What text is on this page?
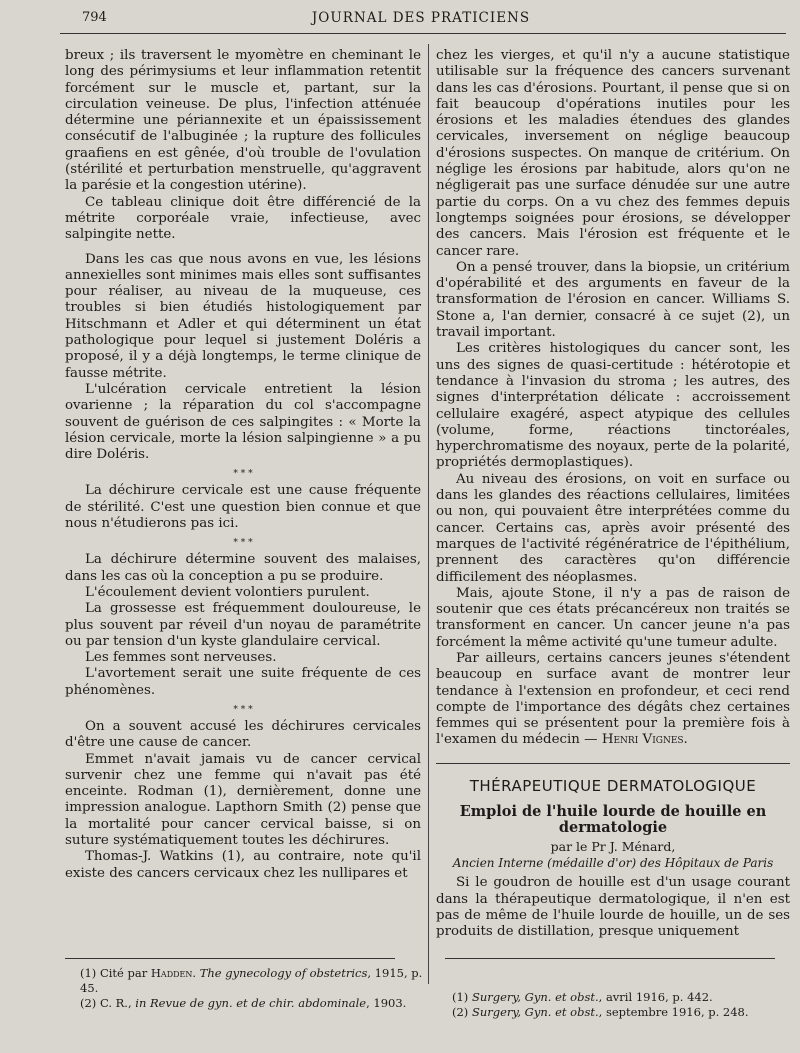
794	JOURNAL DES PRATICIENS

breux ; ils traversent le myomètre en cheminant le long des périmysiums et leur inflammation retentit forcément sur le muscle et, partant, sur la circulation veineuse. De plus, l'infection atténuée détermine une périannexite et un épaississement consécutif de l'albuginée ; la rupture des follicules graafiens en est gênée, d'où trouble de l'ovulation (stérilité et perturbation menstruelle, qu'aggravent la parésie et la congestion utérine).

Ce tableau clinique doit être différencié de la métrite corporéale vraie, infectieuse, avec salpingite nette.

Dans les cas que nous avons en vue, les lésions annexielles sont minimes mais elles sont suffisantes pour réaliser, au niveau de la muqueuse, ces troubles si bien étudiés histologiquement par Hitschmann et Adler et qui déterminent un état pathologique pour lequel si justement Doléris a proposé, il y a déjà longtemps, le terme clinique de fausse métrite.

L'ulcération cervicale entretient la lésion ovarienne ; la réparation du col s'accompagne souvent de guérison de ces salpingites : « Morte la lésion cervicale, morte la lésion salpingienne » a pu dire Doléris.

* * *

La déchirure cervicale est une cause fréquente de stérilité. C'est une question bien connue et que nous n'étudierons pas ici.

* * *

La déchirure détermine souvent des malaises, dans les cas où la conception a pu se produire.

L'écoulement devient volontiers purulent.

La grossesse est fréquemment douloureuse, le plus souvent par réveil d'un noyau de paramétrite ou par tension d'un kyste glandulaire cervical.

Les femmes sont nerveuses.

L'avortement serait une suite fréquente de ces phénomènes.

* * *

On a souvent accusé les déchirures cervicales d'être une cause de cancer.

Emmet n'avait jamais vu de cancer cervical survenir chez une femme qui n'avait pas été enceinte. Rodman (1), dernièrement, donne une impression analogue. Lapthorn Smith (2) pense que la mortalité pour cancer cervical baisse, si on suture systématiquement toutes les déchirures.

Thomas-J. Watkins (1), au contraire, note qu'il existe des cancers cervicaux chez les nullipares et

chez les vierges, et qu'il n'y a aucune statistique utilisable sur la fréquence des cancers survenant dans les cas d'érosions. Pourtant, il pense que si on fait beaucoup d'opérations inutiles pour les érosions et les maladies étendues des glandes cervicales, inversement on néglige beaucoup d'érosions suspectes. On manque de critérium. On néglige les érosions par habitude, alors qu'on ne négligerait pas une surface dénudée sur une autre partie du corps. On a vu chez des femmes depuis longtemps soignées pour érosions, se développer des cancers. Mais l'érosion est fréquente et le cancer rare.

On a pensé trouver, dans la biopsie, un critérium d'opérabilité et des arguments en faveur de la transformation de l'érosion en cancer. Williams S. Stone a, l'an dernier, consacré à ce sujet (2), un travail important.

Les critères histologiques du cancer sont, les uns des signes de quasi-certitude : hétérotopie et tendance à l'invasion du stroma ; les autres, des signes d'interprétation délicate : accroissement cellulaire exagéré, aspect atypique des cellules (volume, forme, réactions tinctoréales, hyperchromatisme des noyaux, perte de la polarité, propriétés dermoplastiques).

Au niveau des érosions, on voit en surface ou dans les glandes des réactions cellulaires, limitées ou non, qui pouvaient être interprétées comme du cancer. Certains cas, après avoir présenté des marques de l'activité régénératrice de l'épithélium, prennent des caractères qu'on différencie difficilement des néoplasmes.

Mais, ajoute Stone, il n'y a pas de raison de soutenir que ces états précancéreux non traités se transforment en cancer. Un cancer jeune n'a pas forcément la même activité qu'une tumeur adulte.

Par ailleurs, certains cancers jeunes s'étendent beaucoup en surface avant de montrer leur tendance à l'extension en profondeur, et ceci rend compte de l'importance des dégâts chez certaines femmes qui se présentent pour la première fois à l'examen du médecin — Henri Vignes.

THÉRAPEUTIQUE DERMATOLOGIQUE
Emploi de l'huile lourde de houille en dermatologie
par le Pr J. Ménard,
Ancien Interne (médaille d'or) des Hôpitaux de Paris

Si le goudron de houille est d'un usage courant dans la thérapeutique dermatologique, il n'en est pas de même de l'huile lourde de houille, un de ses produits de distillation, presque uniquement

(1) Cité par Hadden. The gynecology of obstetrics, 1915, p. 45.
(2) C. R., in Revue de gyn. et de chir. abdominale, 1903.	(1) Surgery, Gyn. et obst., avril 1916, p. 442.
(2) Surgery, Gyn. et obst., septembre 1916, p. 248.
